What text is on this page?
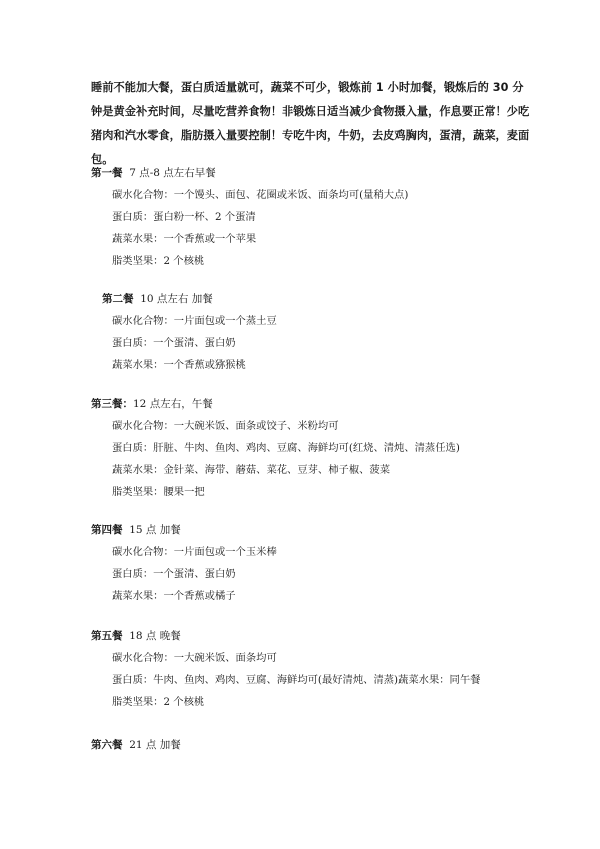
睡前不能加大餐，蛋白质适量就可，蔬菜不可少，锻炼前 1 小时加餐，锻炼后的 30 分钟是黄金补充时间，尽量吃营养食物！非锻炼日适当减少食物摄入量，作息要正常！少吃猪肉和汽水零食，脂肪摄入量要控制！专吃牛肉，牛奶，去皮鸡胸肉，蛋清，蔬菜，麦面包。
第一餐 7 点-8 点左右早餐
碳水化合物：一个馒头、面包、花圈或米饭、面条均可(量稍大点)
蛋白质：蛋白粉一杯、2 个蛋清
蔬菜水果：一个香蕉或一个苹果
脂类坚果：2 个核桃
第二餐 10 点左右 加餐
碳水化合物：一片面包或一个蒸土豆
蛋白质：一个蛋清、蛋白奶
蔬菜水果：一个香蕉或猕猴桃
第三餐：12 点左右，午餐
碳水化合物：一大碗米饭、面条或饺子、米粉均可
蛋白质：肝脏、牛肉、鱼肉、鸡肉、豆腐、海鲜均可(红烧、清炖、清蒸任选)
蔬菜水果：金针菜、海带、蘑菇、菜花、豆芽、柿子椒、菠菜
脂类坚果：腰果一把
第四餐 15 点 加餐
碳水化合物：一片面包或一个玉米棒
蛋白质：一个蛋清、蛋白奶
蔬菜水果：一个香蕉或橘子
第五餐 18 点 晚餐
碳水化合物：一大碗米饭、面条均可
蛋白质：牛肉、鱼肉、鸡肉、豆腐、海鲜均可(最好清炖、清蒸)蔬菜水果：同午餐
脂类坚果：2 个核桃
第六餐 21 点 加餐
